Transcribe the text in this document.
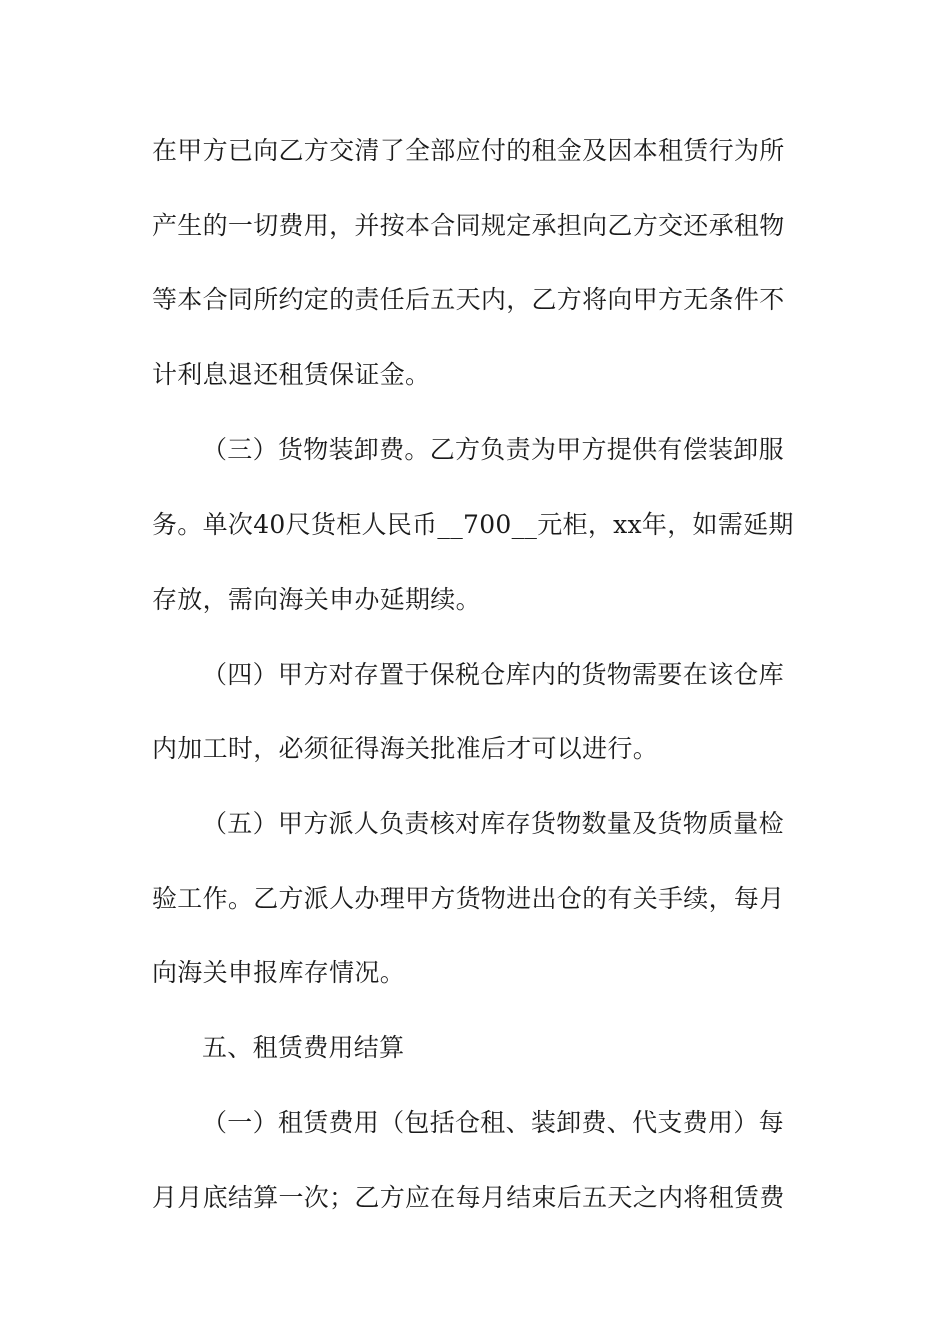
在甲方已向乙方交清了全部应付的租金及因本租赁行为所
产生的一切费用，并按本合同规定承担向乙方交还承租物
等本合同所约定的责任后五天内，乙方将向甲方无条件不
计利息退还租赁保证金。
（三）货物装卸费。乙方负责为甲方提供有偿装卸服
务。单次40尺货柜人民币__700__元柜，xx年，如需延期
存放，需向海关申办延期续。
（四）甲方对存置于保税仓库内的货物需要在该仓库
内加工时，必须征得海关批准后才可以进行。
（五）甲方派人负责核对库存货物数量及货物质量检
验工作。乙方派人办理甲方货物进出仓的有关手续，每月
向海关申报库存情况。
五、租赁费用结算
（一）租赁费用（包括仓租、装卸费、代支费用）每
月月底结算一次；乙方应在每月结束后五天之内将租赁费
